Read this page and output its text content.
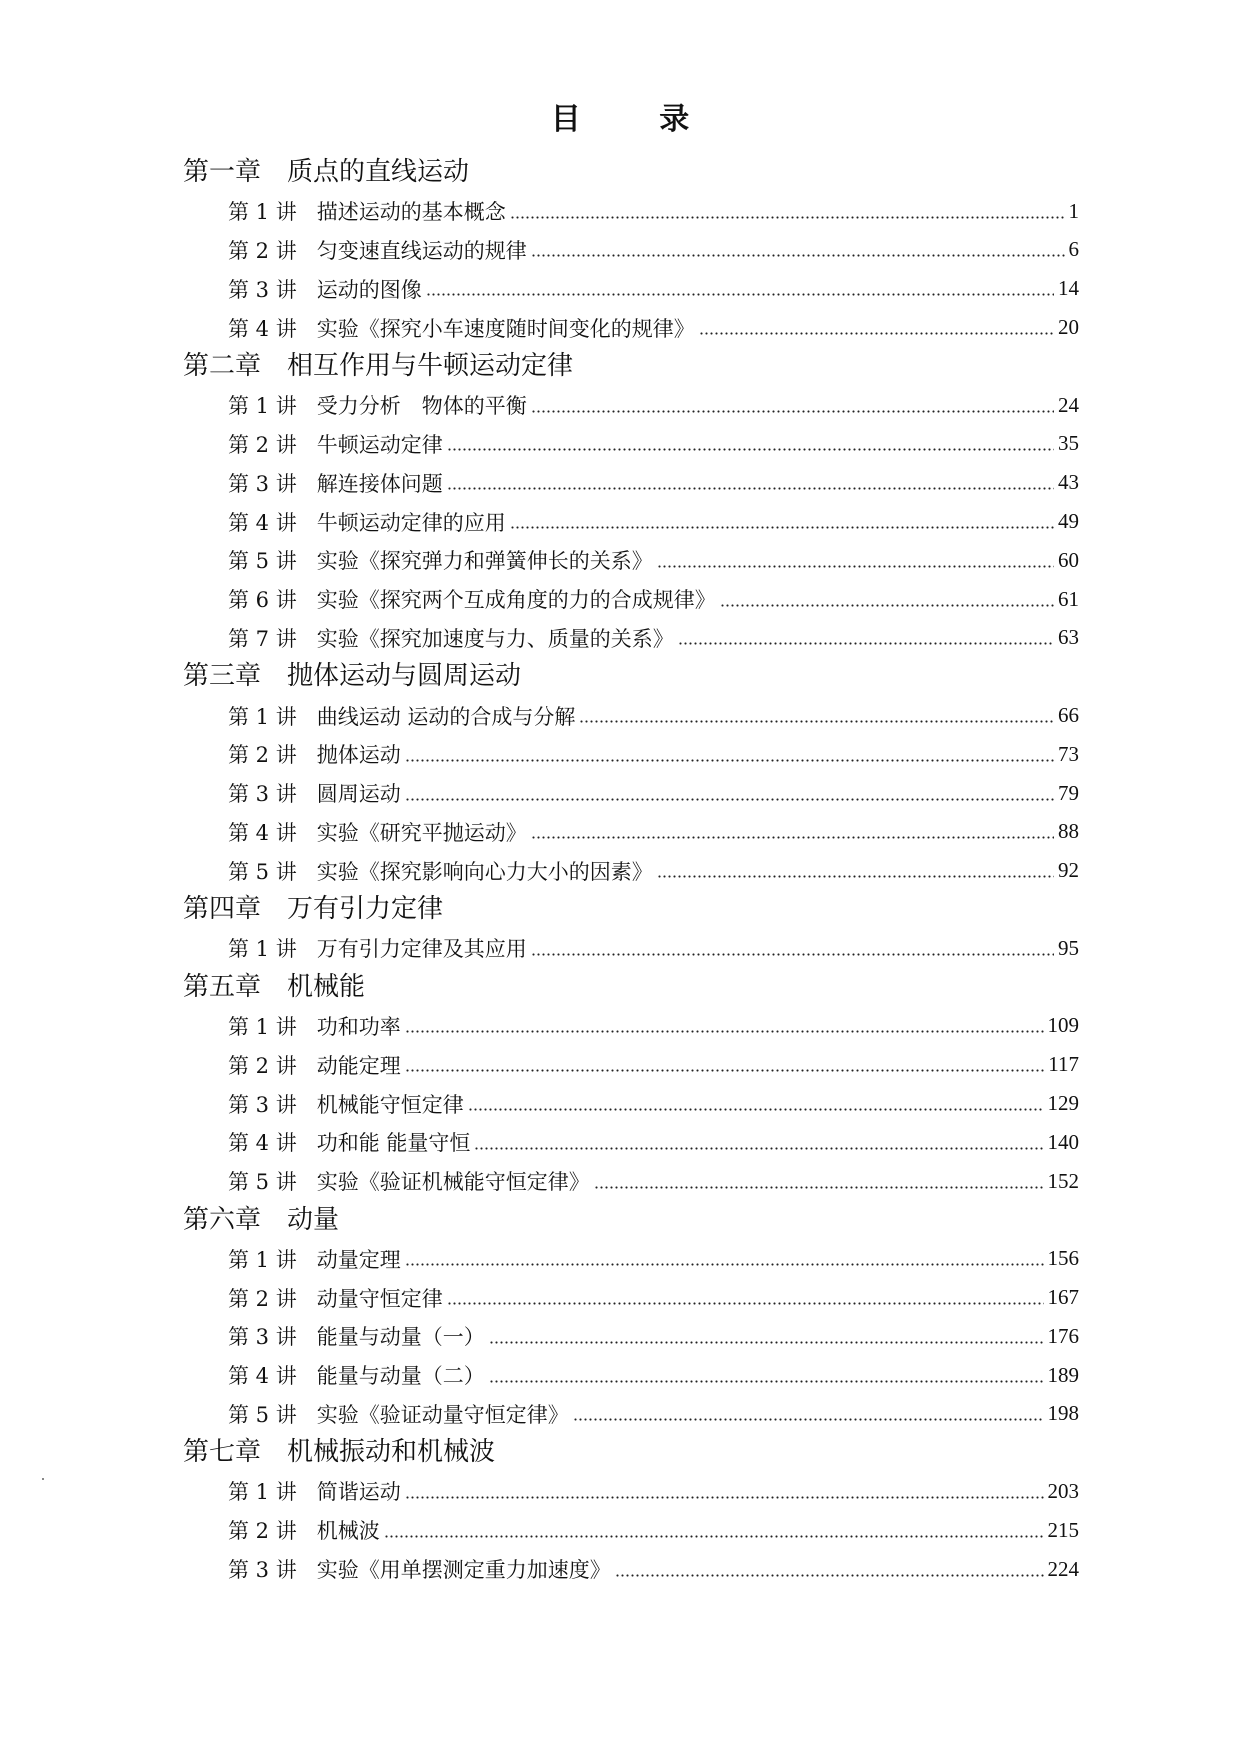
目 录
第一章 质点的直线运动
第 1 讲 描述运动的基本概念	1
第 2 讲 匀变速直线运动的规律	6
第 3 讲 运动的图像	14
第 4 讲 实验《探究小车速度随时间变化的规律》	20
第二章 相互作用与牛顿运动定律
第 1 讲 受力分析　物体的平衡	24
第 2 讲 牛顿运动定律	35
第 3 讲 解连接体问题	43
第 4 讲 牛顿运动定律的应用	49
第 5 讲 实验《探究弹力和弹簧伸长的关系》	60
第 6 讲 实验《探究两个互成角度的力的合成规律》	61
第 7 讲 实验《探究加速度与力、质量的关系》	63
第三章 抛体运动与圆周运动
第 1 讲 曲线运动 运动的合成与分解	66
第 2 讲 抛体运动	73
第 3 讲 圆周运动	79
第 4 讲 实验《研究平抛运动》	88
第 5 讲 实验《探究影响向心力大小的因素》	92
第四章 万有引力定律
第 1 讲 万有引力定律及其应用	95
第五章 机械能
第 1 讲 功和功率	109
第 2 讲 动能定理	117
第 3 讲 机械能守恒定律	129
第 4 讲 功和能 能量守恒	140
第 5 讲 实验《验证机械能守恒定律》	152
第六章 动量
第 1 讲 动量定理	156
第 2 讲 动量守恒定律	167
第 3 讲 能量与动量（一）	176
第 4 讲 能量与动量（二）	189
第 5 讲 实验《验证动量守恒定律》	198
第七章 机械振动和机械波
第 1 讲 简谐运动	203
第 2 讲 机械波	215
第 3 讲 实验《用单摆测定重力加速度》	224
